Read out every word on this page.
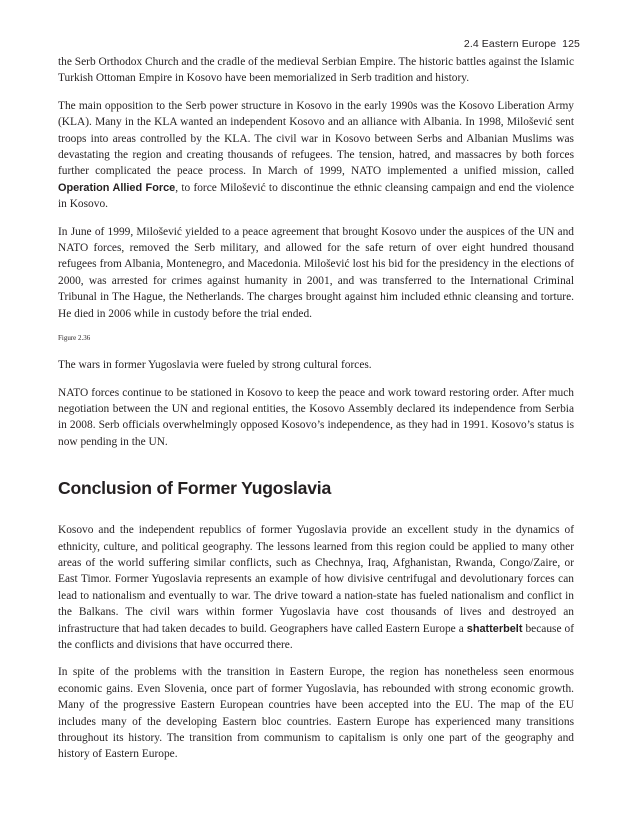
2.4 Eastern Europe 125

the Serb Orthodox Church and the cradle of the medieval Serbian Empire. The historic battles against the Islamic Turkish Ottoman Empire in Kosovo have been memorialized in Serb tradition and history.

The main opposition to the Serb power structure in Kosovo in the early 1990s was the Kosovo Liberation Army (KLA). Many in the KLA wanted an independent Kosovo and an alliance with Albania. In 1998, Milošević sent troops into areas controlled by the KLA. The civil war in Kosovo between Serbs and Albanian Muslims was devastating the region and creating thousands of refugees. The tension, hatred, and massacres by both forces further complicated the peace process. In March of 1999, NATO implemented a unified mission, called Operation Allied Force, to force Milošević to discontinue the ethnic cleansing campaign and end the violence in Kosovo.

In June of 1999, Milošević yielded to a peace agreement that brought Kosovo under the auspices of the UN and NATO forces, removed the Serb military, and allowed for the safe return of over eight hundred thousand refugees from Albania, Montenegro, and Macedonia. Milošević lost his bid for the presidency in the elections of 2000, was arrested for crimes against humanity in 2001, and was transferred to the International Criminal Tribunal in The Hague, the Netherlands. The charges brought against him included ethnic cleansing and torture. He died in 2006 while in custody before the trial ended.

Figure 2.36

The wars in former Yugoslavia were fueled by strong cultural forces.

NATO forces continue to be stationed in Kosovo to keep the peace and work toward restoring order. After much negotiation between the UN and regional entities, the Kosovo Assembly declared its independence from Serbia in 2008. Serb officials overwhelmingly opposed Kosovo’s independence, as they had in 1991. Kosovo’s status is now pending in the UN.

Conclusion of Former Yugoslavia

Kosovo and the independent republics of former Yugoslavia provide an excellent study in the dynamics of ethnicity, culture, and political geography. The lessons learned from this region could be applied to many other areas of the world suffering similar conflicts, such as Chechnya, Iraq, Afghanistan, Rwanda, Congo/Zaire, or East Timor. Former Yugoslavia represents an example of how divisive centrifugal and devolutionary forces can lead to nationalism and eventually to war. The drive toward a nation-state has fueled nationalism and conflict in the Balkans. The civil wars within former Yugoslavia have cost thousands of lives and destroyed an infrastructure that had taken decades to build. Geographers have called Eastern Europe a shatterbelt because of the conflicts and divisions that have occurred there.

In spite of the problems with the transition in Eastern Europe, the region has nonetheless seen enormous economic gains. Even Slovenia, once part of former Yugoslavia, has rebounded with strong economic growth. Many of the progressive Eastern European countries have been accepted into the EU. The map of the EU includes many of the developing Eastern bloc countries. Eastern Europe has experienced many transitions throughout its history. The transition from communism to capitalism is only one part of the geography and history of Eastern Europe.
